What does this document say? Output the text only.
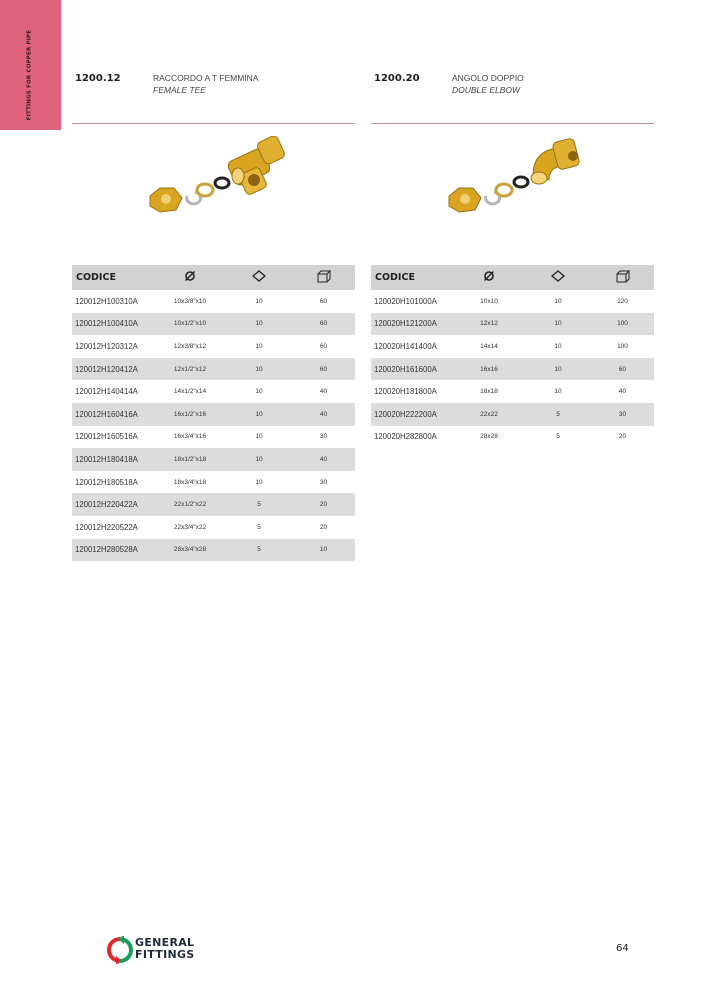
FITTINGS FOR COPPER PIPE	1200.12	RACCORDO A T FEMMINA
FEMALE TEE
CODICE			
120012H100310A	10x3/8"x10	10	60
120012H100410A	10x1/2"x10	10	60
120012H120312A	12x3/8"x12	10	60
120012H120412A	12x1/2"x12	10	60
120012H140414A	14x1/2"x14	10	40
120012H160416A	16x1/2"x16	10	40
120012H160516A	16x3/4"x16	10	30
120012H180418A	18x1/2"x18	10	40
120012H180518A	18x3/4"x18	10	30
120012H220422A	22x1/2"x22	5	20
120012H220522A	22x3/4"x22	5	20
120012H280528A	28x3/4"x28	5	10
1200.20	ANGOLO DOPPIO
DOUBLE ELBOW
CODICE			
120020H101000A	10x10	10	120
120020H121200A	12x12	10	100
120020H141400A	14x14	10	100
120020H161600A	16x16	10	60
120020H181800A	18x18	10	40
120020H222200A	22x22	5	30
120020H282800A	28x28	5	20
GENERAL
FITTINGS	64
